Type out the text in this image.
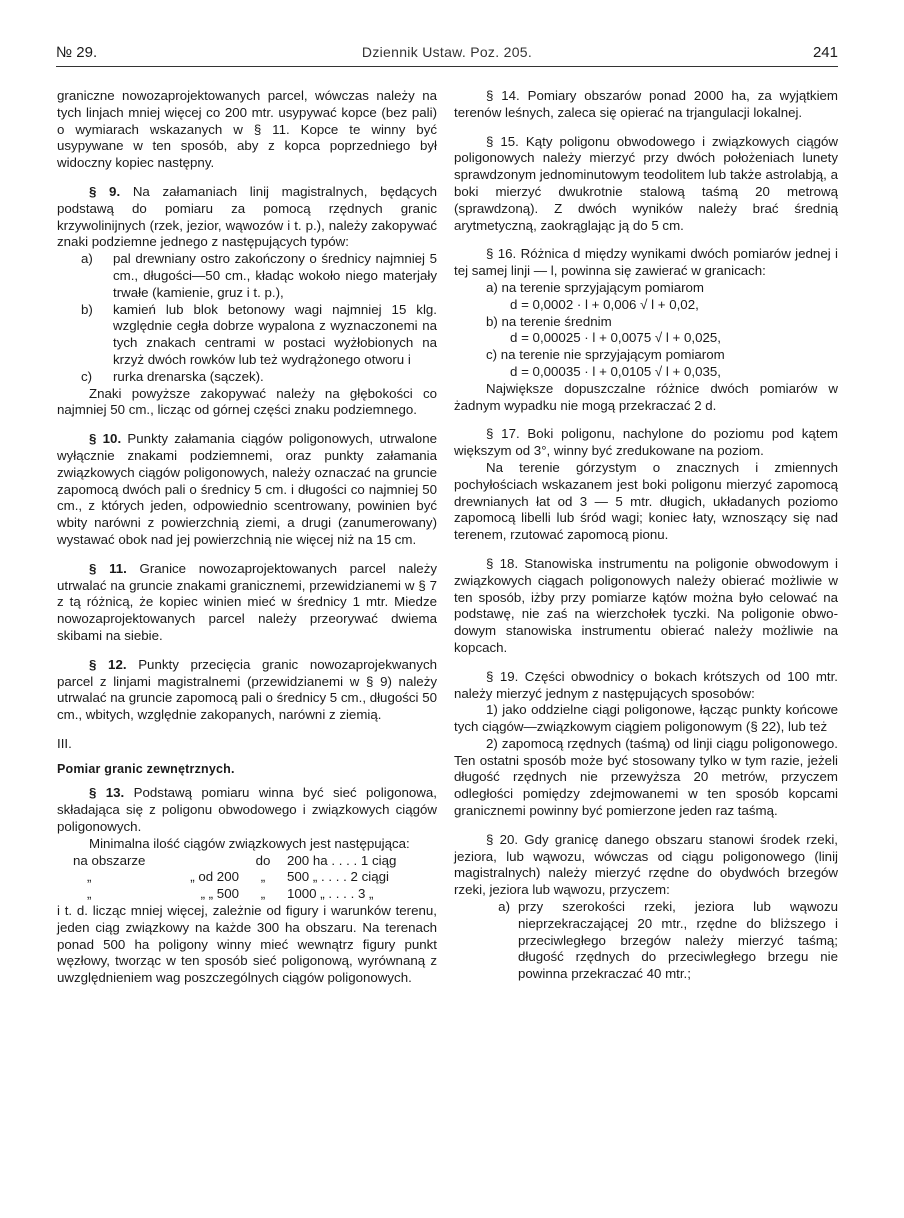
№ 29.	Dziennik Ustaw. Poz. 205.	241

graniczne nowozaprojektowanych parcel, wówczas należy na tych linjach mniej więcej co 200 mtr. usypywać kopce (bez pali) o wymiarach wskazanych w § 11. Kopce te winny być usypywane w ten sposób, aby z kopca poprzedniego był widoczny kopiec następny.

§ 9. Na załamaniach linij magistralnych, będących podstawą do pomiaru za pomocą rzędnych granic krzywolinijnych (rzek, jezior, wąwozów i t. p.), należy zakopywać znaki podziemne jednego z następujących typów:

a)	pal drewniany ostro zakończony o średnicy najmniej 5 cm., długości—50 cm., kładąc wokoło niego materjały trwałe (kamienie, gruz i t. p.),
b)	kamień lub blok betonowy wagi najmniej 15 klg. względnie cegła dobrze wypalona z wyznaczonemi na tych znakach centrami w postaci wyżłobionych na krzyż dwóch rowków lub też wydrążonego otworu i
c)	rurka drenarska (sączek).

Znaki powyższe zakopywać należy na głębokości co najmniej 50 cm., licząc od górnej części znaku podziemnego.

§ 10. Punkty załamania ciągów poligonowych, utrwalone wyłącznie znakami podziemnemi, oraz punkty załamania związkowych ciągów poligonowych, należy oznaczać na gruncie zapomocą dwóch pali o średnicy 5 cm. i długości co najmniej 50 cm., z których jeden, odpowiednio scentrowany, powinien być wbity narówni z powierzchnią ziemi, a drugi (zanumerowany) wystawać obok nad jej powierzchnią nie więcej niż na 15 cm.

§ 11. Granice nowozaprojektowanych parcel należy utrwalać na gruncie znakami granicznemi, przewidzianemi w § 7 z tą różnicą, że kopiec winien mieć w średnicy 1 mtr. Miedze nowozaprojektowanych parcel należy przeorywać dwiema skibami na siebie.

§ 12. Punkty przecięcia granic nowozaprojekwanych parcel z linjami magistralnemi (przewidzianemi w § 9) należy utrwalać na gruncie zapomocą pali o średnicy 5 cm., długości 50 cm., wbitych, względnie zakopanych, narówni z ziemią.

III.

Pomiar granic zewnętrznych.

§ 13. Podstawą pomiaru winna być sieć poligonowa, składająca się z poligonu obwodowego i związkowych ciągów poligonowych.

Minimalna ilość ciągów związkowych jest następująca:

na obszarze		do	200 ha . . . . 1 ciąg
„	„ od 200	„	500 „ . . . . 2 ciągi
„	„ „ 500	„	1000 „ . . . . 3 „

i t. d. licząc mniej więcej, zależnie od figury i warunków terenu, jeden ciąg związkowy na każde 300 ha obszaru. Na terenach ponad 500 ha poligony winny mieć wewnątrz figury punkt węzłowy, tworząc w ten sposób sieć poligonową, wyrównaną z uwzględnieniem wag poszczególnych ciągów poligonowych.

§ 14. Pomiary obszarów ponad 2000 ha, za wyjątkiem terenów leśnych, zaleca się opierać na trjangulacji lokalnej.

§ 15. Kąty poligonu obwodowego i związkowych ciągów poligonowych należy mierzyć przy dwóch położeniach lunety sprawdzonym jednominutowym teodolitem lub także astrolabją, a boki mierzyć dwukrotnie stalową taśmą 20 metrową (sprawdzoną). Z dwóch wyników należy brać średnią arytmetyczną, zaokrąglając ją do 5 cm.

§ 16. Różnica d między wynikami dwóch pomiarów jednej i tej samej linji — l, powinna się zawierać w granicach:

a) na terenie sprzyjającym pomiarom

d = 0,0002 · l + 0,006 √ l + 0,02,

b) na terenie średnim

d = 0,00025 · l + 0,0075 √ l + 0,025,

c) na terenie nie sprzyjającym pomiarom

d = 0,00035 · l + 0,0105 √ l + 0,035,

Największe dopuszczalne różnice dwóch pomiarów w żadnym wypadku nie mogą przekraczać 2 d.

§ 17. Boki poligonu, nachylone do poziomu pod kątem większym od 3°, winny być zredukowane na poziom.

Na terenie górzystym o znacznych i zmiennych pochyłościach wskazanem jest boki poligonu mierzyć zapomocą drewnianych łat od 3 — 5 mtr. długich, układanych poziomo zapomocą libelli lub śród wagi; koniec łaty, wznoszący się nad terenem, rzutować zapomocą pionu.

§ 18. Stanowiska instrumentu na poligonie obwodowym i związkowych ciągach poligonowych należy obierać możliwie w ten sposób, iżby przy pomiarze kątów można było celować na podstawę, nie zaś na wierzchołek tyczki. Na poligonie obwodowym stanowiska instrumentu obierać należy możliwie na kopcach.

§ 19. Części obwodnicy o bokach krótszych od 100 mtr. należy mierzyć jednym z następujących sposobów:

1) jako oddzielne ciągi poligonowe, łącząc punkty końcowe tych ciągów—związkowym ciągiem poligonowym (§ 22), lub też

2) zapomocą rzędnych (taśmą) od linji ciągu poligonowego. Ten ostatni sposób może być stosowany tylko w tym razie, jeżeli długość rzędnych nie przewyższa 20 metrów, przyczem odległości pomiędzy zdejmowanemi w ten sposób kopcami granicznemi powinny być pomierzone jeden raz taśmą.

§ 20. Gdy granicę danego obszaru stanowi środek rzeki, jeziora, lub wąwozu, wówczas od ciągu poligonowego (linij magistralnych) należy mierzyć rzędne do obydwóch brzegów rzeki, jeziora lub wąwozu, przyczem:

a) przy szerokości rzeki, jeziora lub wąwozu nieprzekraczającej 20 mtr., rzędne do bliższego i przeciwległego brzegów należy mierzyć taśmą; długość rzędnych do przeciwległego brzegu nie powinna przekraczać 40 mtr.;
